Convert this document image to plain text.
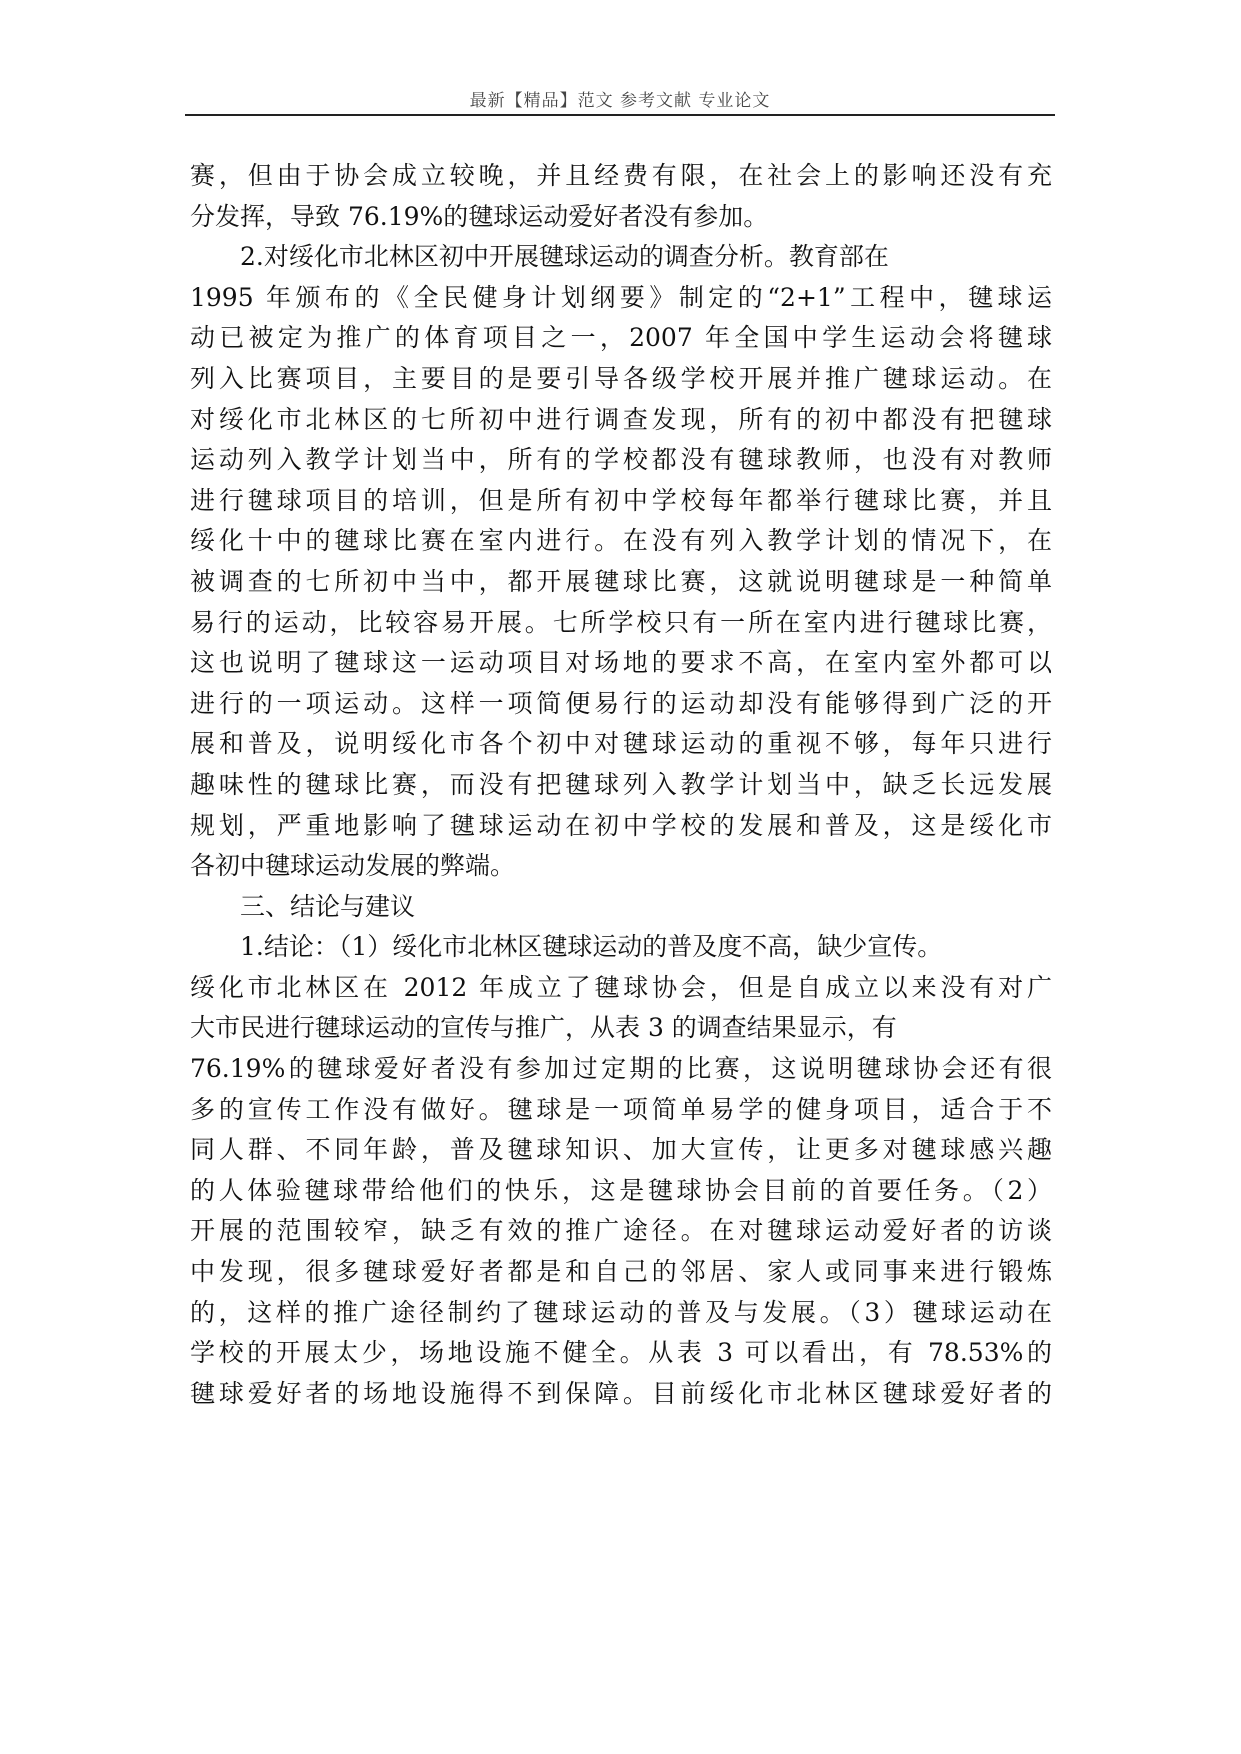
最新【精品】范文 参考文献 专业论文
赛，但由于协会成立较晚，并且经费有限，在社会上的影响还没有充
分发挥，导致 76.19%的毽球运动爱好者没有参加。
2.对绥化市北林区初中开展毽球运动的调查分析。教育部在
1995 年颁布的《全民健身计划纲要》制定的“2+1”工程中，毽球运
动已被定为推广的体育项目之一，2007 年全国中学生运动会将毽球
列入比赛项目，主要目的是要引导各级学校开展并推广毽球运动。在
对绥化市北林区的七所初中进行调查发现，所有的初中都没有把毽球
运动列入教学计划当中，所有的学校都没有毽球教师，也没有对教师
进行毽球项目的培训，但是所有初中学校每年都举行毽球比赛，并且
绥化十中的毽球比赛在室内进行。在没有列入教学计划的情况下，在
被调查的七所初中当中，都开展毽球比赛，这就说明毽球是一种简单
易行的运动，比较容易开展。七所学校只有一所在室内进行毽球比赛，
这也说明了毽球这一运动项目对场地的要求不高，在室内室外都可以
进行的一项运动。这样一项简便易行的运动却没有能够得到广泛的开
展和普及，说明绥化市各个初中对毽球运动的重视不够，每年只进行
趣味性的毽球比赛，而没有把毽球列入教学计划当中，缺乏长远发展
规划，严重地影响了毽球运动在初中学校的发展和普及，这是绥化市
各初中毽球运动发展的弊端。
三、结论与建议
1.结论：（1）绥化市北林区毽球运动的普及度不高，缺少宣传。
绥化市北林区在 2012 年成立了毽球协会，但是自成立以来没有对广
大市民进行毽球运动的宣传与推广，从表 3 的调查结果显示，有
76.19%的毽球爱好者没有参加过定期的比赛，这说明毽球协会还有很
多的宣传工作没有做好。毽球是一项简单易学的健身项目，适合于不
同人群、不同年龄，普及毽球知识、加大宣传，让更多对毽球感兴趣
的人体验毽球带给他们的快乐，这是毽球协会目前的首要任务。（2）
开展的范围较窄，缺乏有效的推广途径。在对毽球运动爱好者的访谈
中发现，很多毽球爱好者都是和自己的邻居、家人或同事来进行锻炼
的，这样的推广途径制约了毽球运动的普及与发展。（3）毽球运动在
学校的开展太少，场地设施不健全。从表 3 可以看出，有 78.53%的
毽球爱好者的场地设施得不到保障。目前绥化市北林区毽球爱好者的
